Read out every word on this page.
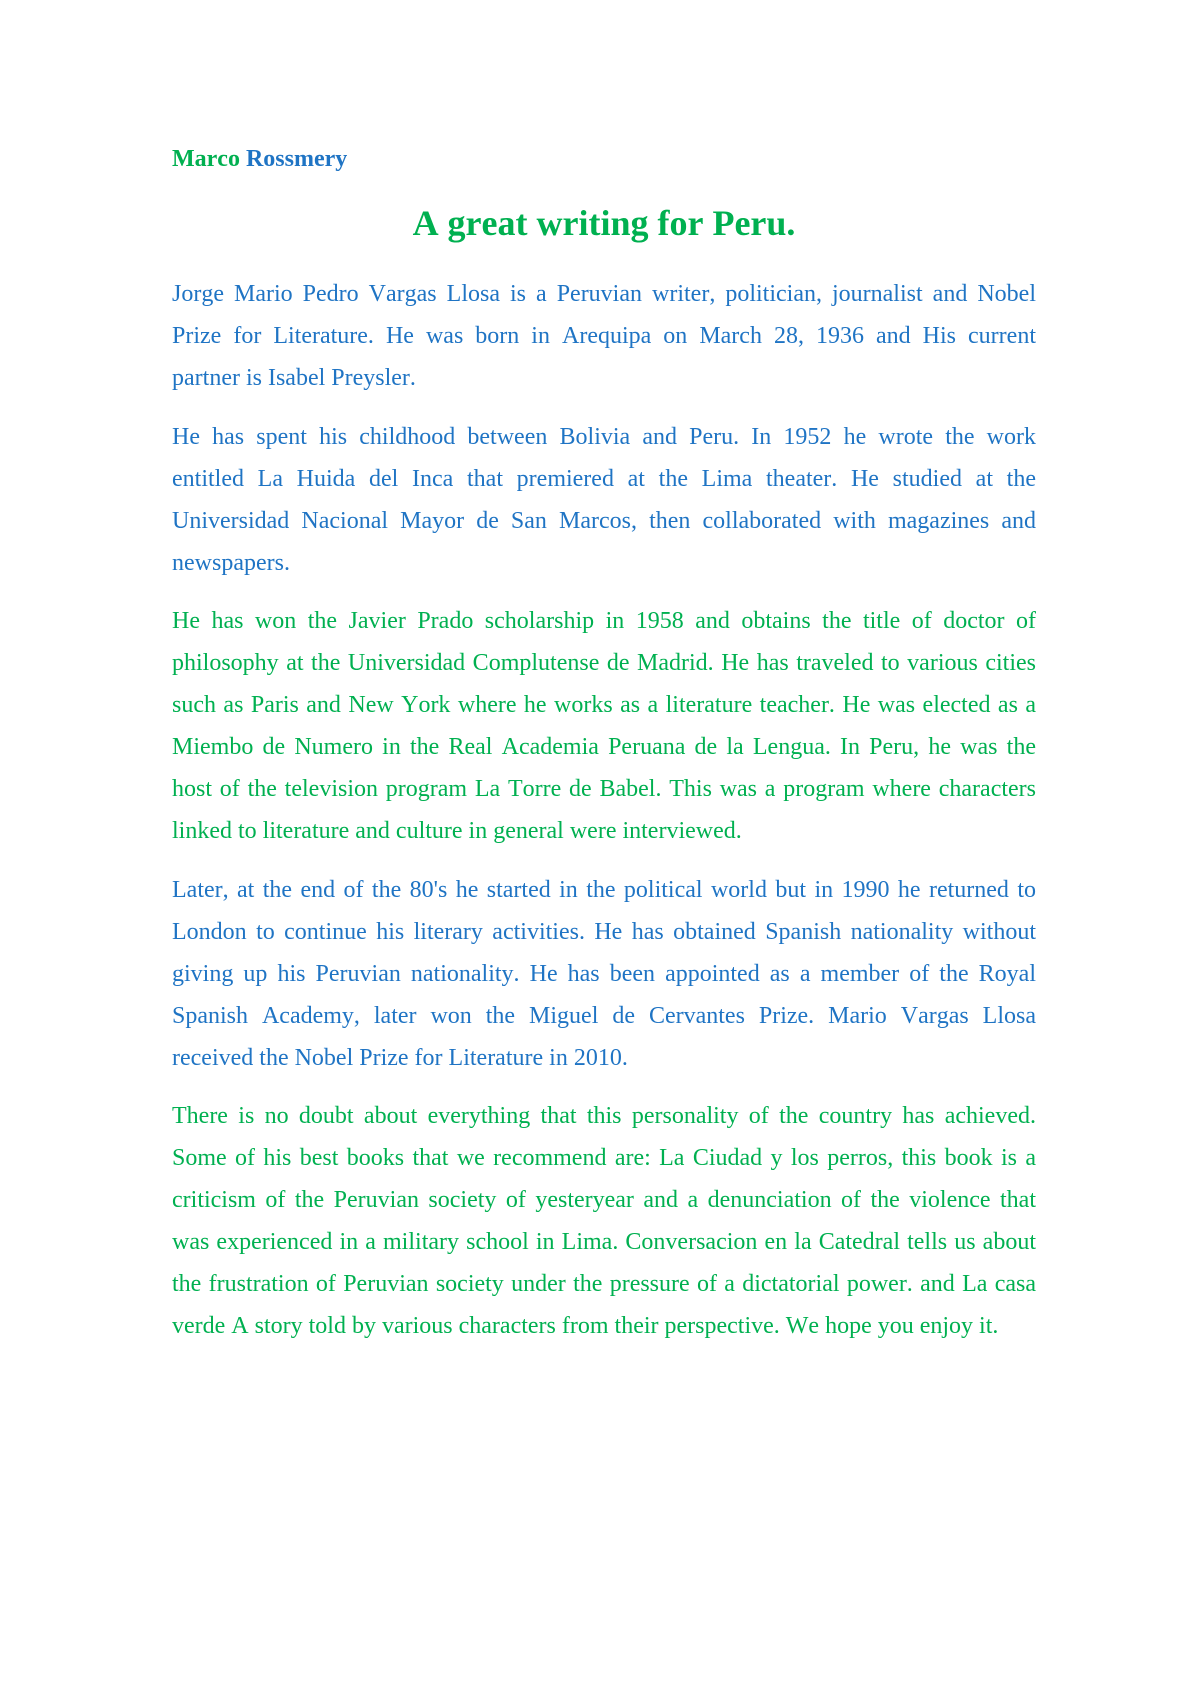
Marco Rossmery

A great writing for Peru.
Jorge Mario Pedro Vargas Llosa is a Peruvian writer, politician, journalist and Nobel
Prize for Literature. He was born in Arequipa on March 28, 1936 and His current
partner is Isabel Preysler.
He has spent his childhood between Bolivia and Peru. In 1952 he wrote the work
entitled La Huida del Inca that premiered at the Lima theater. He studied at the
Universidad Nacional Mayor de San Marcos, then collaborated with magazines and
newspapers.
He has won the Javier Prado scholarship in 1958 and obtains the title of doctor of
philosophy at the Universidad Complutense de Madrid. He has traveled to various cities
such as Paris and New York where he works as a literature teacher. He was elected as a
Miembo de Numero in the Real Academia Peruana de la Lengua. In Peru, he was the
host of the television program La Torre de Babel. This was a program where characters
linked to literature and culture in general were interviewed.
Later, at the end of the 80's he started in the political world but in 1990 he returned to
London to continue his literary activities. He has obtained Spanish nationality without
giving up his Peruvian nationality. He has been appointed as a member of the Royal
Spanish Academy, later won the Miguel de Cervantes Prize. Mario Vargas Llosa
received the Nobel Prize for Literature in 2010.
There is no doubt about everything that this personality of the country has achieved.
Some of his best books that we recommend are: La Ciudad y los perros, this book is a
criticism of the Peruvian society of yesteryear and a denunciation of the violence that
was experienced in a military school in Lima. Conversacion en la Catedral tells us about
the frustration of Peruvian society under the pressure of a dictatorial power. and La casa
verde A story told by various characters from their perspective. We hope you enjoy it.
